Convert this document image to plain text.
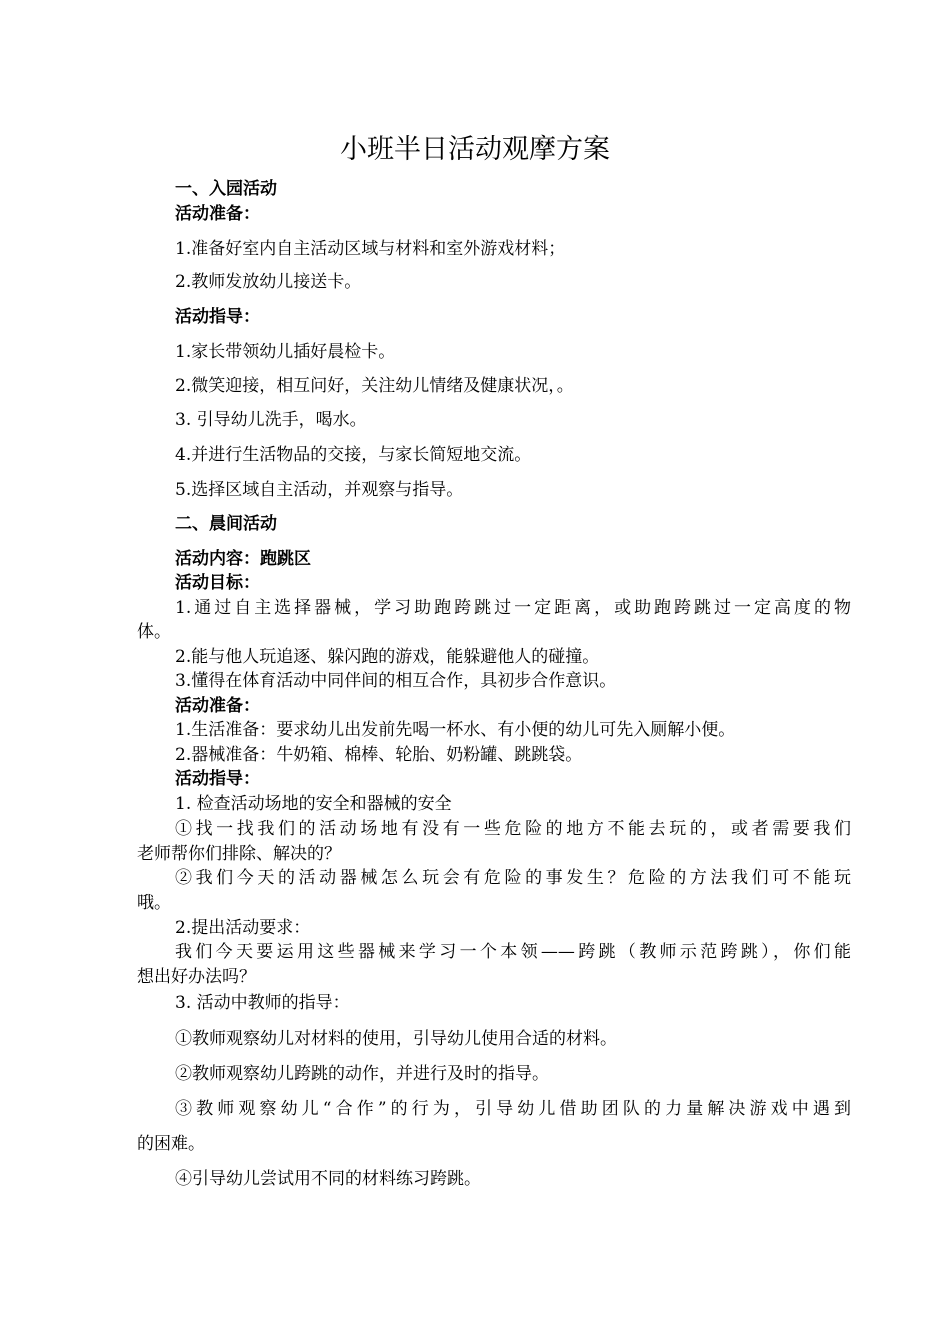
小班半日活动观摩方案
一、入园活动
活动准备：
1.准备好室内自主活动区域与材料和室外游戏材料；
2.教师发放幼儿接送卡。
活动指导：
1.家长带领幼儿插好晨检卡。
2.微笑迎接，相互问好，关注幼儿情绪及健康状况，。
3. 引导幼儿洗手，喝水。
4.并进行生活物品的交接，与家长简短地交流。
5.选择区域自主活动，并观察与指导。
二、晨间活动
活动内容：跑跳区
活动目标：
1.通过自主选择器械，学习助跑跨跳过一定距离，或助跑跨跳过一定高度的物
体。
2.能与他人玩追逐、躲闪跑的游戏，能躲避他人的碰撞。
3.懂得在体育活动中同伴间的相互合作，具初步合作意识。
活动准备：
1.生活准备：要求幼儿出发前先喝一杯水、有小便的幼儿可先入厕解小便。
2.器械准备：牛奶箱、棉棒、轮胎、奶粉罐、跳跳袋。
活动指导：
1. 检查活动场地的安全和器械的安全
①找一找我们的活动场地有没有一些危险的地方不能去玩的，或者需要我们
老师帮你们排除、解决的？
②我们今天的活动器械怎么玩会有危险的事发生？危险的方法我们可不能玩
哦。
2.提出活动要求：
我们今天要运用这些器械来学习一个本领——跨跳（教师示范跨跳），你们能
想出好办法吗？
3. 活动中教师的指导：
①教师观察幼儿对材料的使用，引导幼儿使用合适的材料。
②教师观察幼儿跨跳的动作，并进行及时的指导。
③教师观察幼儿“合作”的行为，引导幼儿借助团队的力量解决游戏中遇到
的困难。
④引导幼儿尝试用不同的材料练习跨跳。
